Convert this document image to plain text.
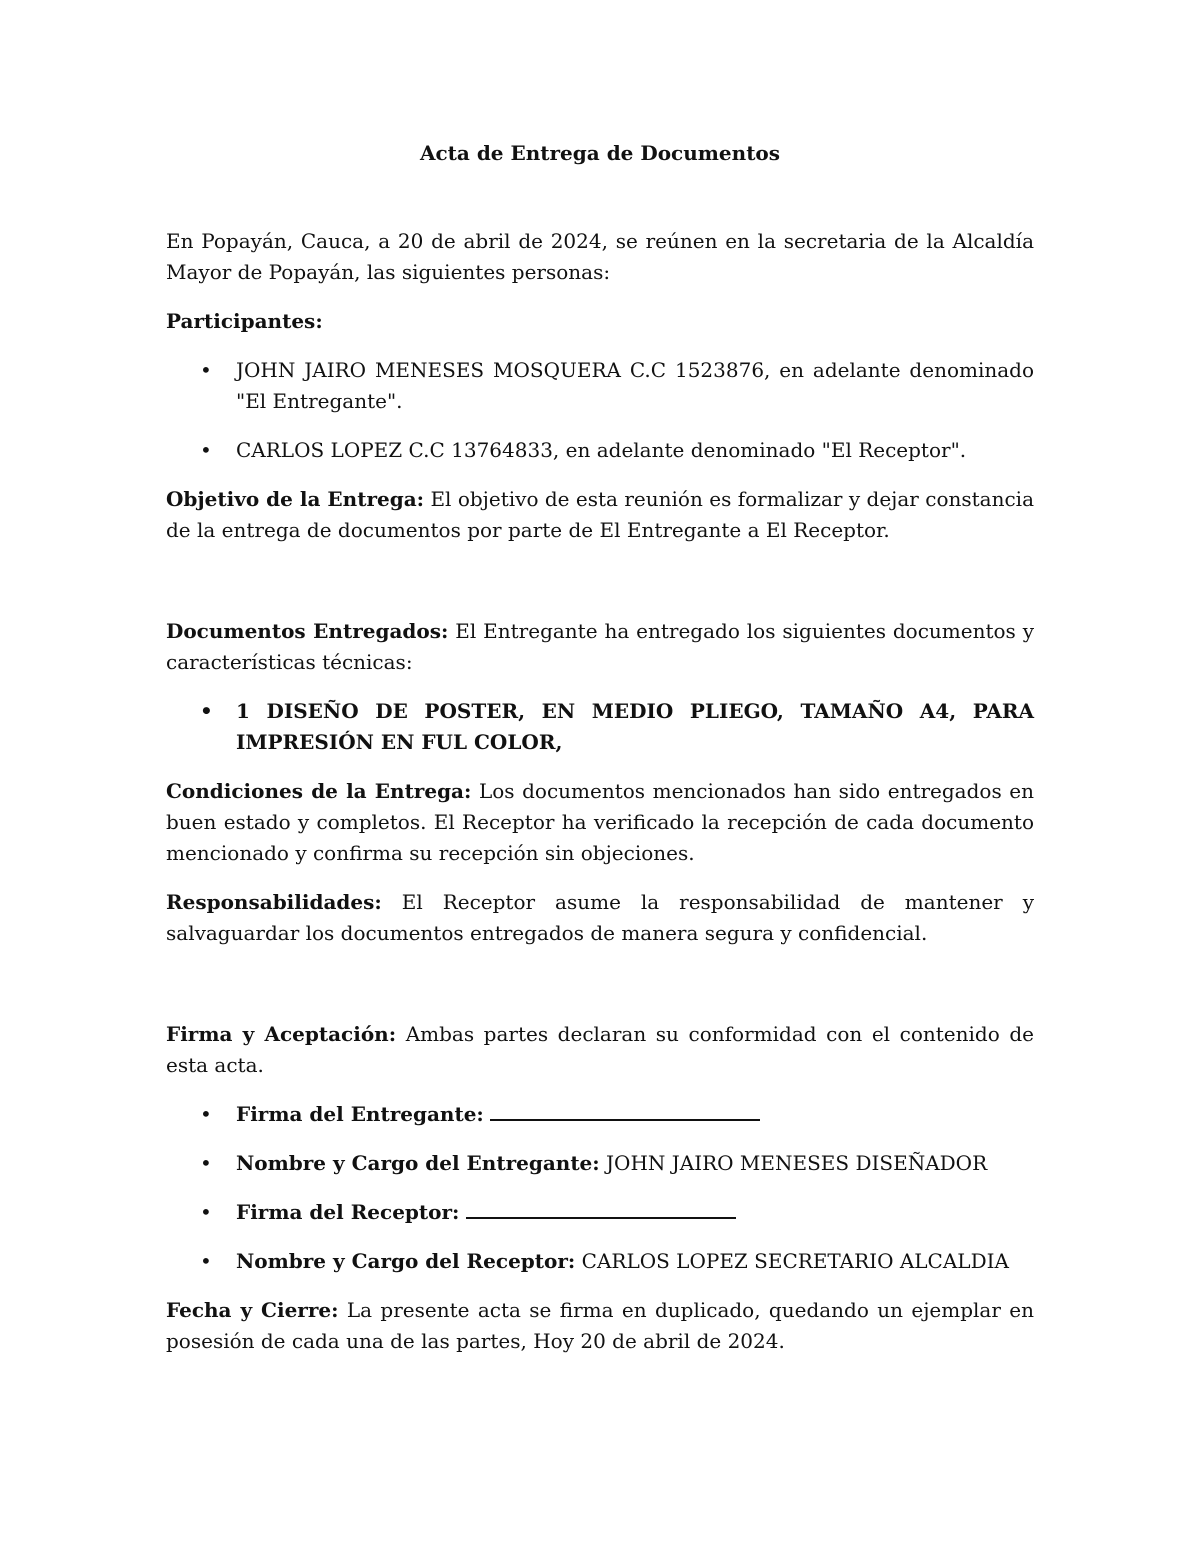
Acta de Entrega de Documentos

En Popayán, Cauca, a 20 de abril de 2024, se reúnen en la secretaria de la Alcaldía Mayor de Popayán, las siguientes personas:

Participantes:

• JOHN JAIRO MENESES MOSQUERA C.C 1523876, en adelante denominado "El Entregante".
• CARLOS LOPEZ C.C 13764833, en adelante denominado "El Receptor".

Objetivo de la Entrega: El objetivo de esta reunión es formalizar y dejar constancia de la entrega de documentos por parte de El Entregante a El Receptor.

Documentos Entregados: El Entregante ha entregado los siguientes documentos y características técnicas:

• 1 DISEÑO DE POSTER, EN MEDIO PLIEGO, TAMAÑO A4, PARA IMPRESIÓN EN FUL COLOR,

Condiciones de la Entrega: Los documentos mencionados han sido entregados en buen estado y completos. El Receptor ha verificado la recepción de cada documento mencionado y confirma su recepción sin objeciones.

Responsabilidades: El Receptor asume la responsabilidad de mantener y salvaguardar los documentos entregados de manera segura y confidencial.

Firma y Aceptación: Ambas partes declaran su conformidad con el contenido de esta acta.

• Firma del Entregante:
• Nombre y Cargo del Entregante: JOHN JAIRO MENESES DISEÑADOR
• Firma del Receptor:
• Nombre y Cargo del Receptor: CARLOS LOPEZ SECRETARIO ALCALDIA

Fecha y Cierre: La presente acta se firma en duplicado, quedando un ejemplar en posesión de cada una de las partes, Hoy 20 de abril de 2024.
